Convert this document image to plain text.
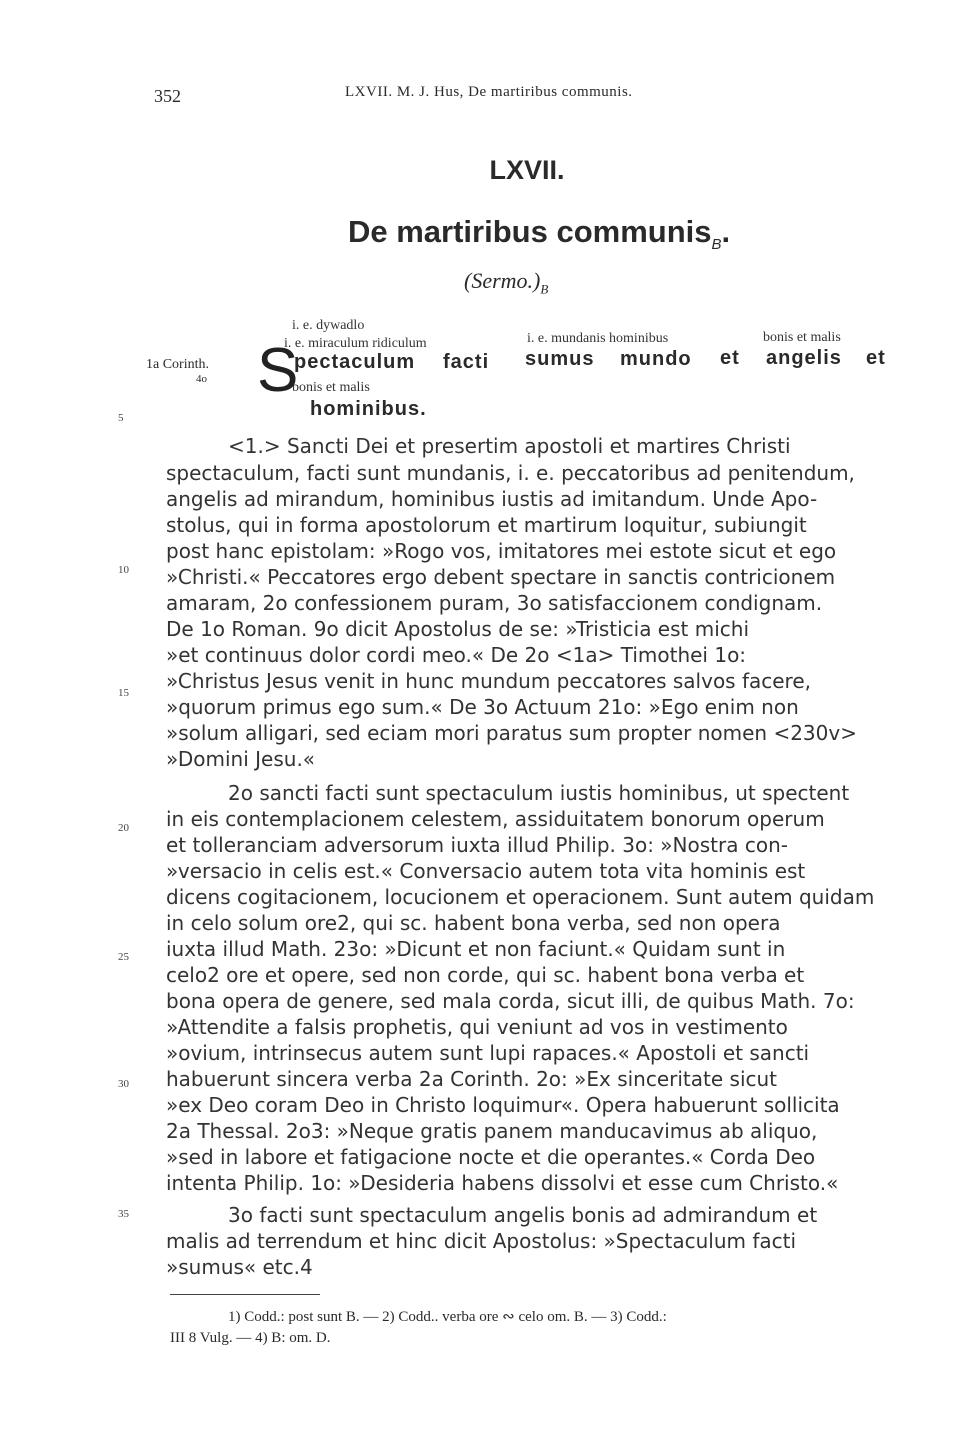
352	LXVII. M. J. Hus, De martiribus communis.
LXVII.
De martiribus communis$_B$.
$(Sermo.)_B$
i. e. dywadlo
i. e. miraculum ridiculum	i. e. mundanis hominibus	bonis et malis
bonis et malis
1a Corinth.
4o S
pectaculum facti sumus mundo et angelis et
hominibus.
5
10
15
20
25
30
35
<1.> Sancti Dei et presertim apostoli et martires Christi
spectaculum, facti sunt mundanis, i. e. peccatoribus ad penitendum,
angelis ad mirandum, hominibus iustis ad imitandum. Unde Apo-
stolus, qui in forma apostolorum et martirum loquitur, subiungit
post hanc epistolam: »Rogo vos, imitatores mei estote sicut et ego
»Christi.« Peccatores ergo debent spectare in sanctis contricionem
amaram, 2o confessionem puram, 3o satisfaccionem condignam.
De 1o Roman. 9o dicit Apostolus de se: »Tristicia est michi
»et continuus dolor cordi meo.« De 2o <1a> Timothei 1o:
»Christus Jesus venit in hunc mundum peccatores salvos facere,
»quorum primus ego sum.« De 3o Actuum 21o: »Ego enim non
»solum alligari, sed eciam mori paratus sum propter nomen <230v>
»Domini Jesu.«
2o sancti facti sunt spectaculum iustis hominibus, ut spectent
in eis contemplacionem celestem, assiduitatem bonorum operum
et tolleranciam adversorum iuxta illud Philip. 3o: »Nostra con-
»versacio in celis est.« Conversacio autem tota vita hominis est
dicens cogitacionem, locucionem et operacionem. Sunt autem quidam
in celo solum ore2, qui sc. habent bona verba, sed non opera
iuxta illud Math. 23o: »Dicunt et non faciunt.« Quidam sunt in
celo2 ore et opere, sed non corde, qui sc. habent bona verba et
bona opera de genere, sed mala corda, sicut illi, de quibus Math. 7o:
»Attendite a falsis prophetis, qui veniunt ad vos in vestimento
»ovium, intrinsecus autem sunt lupi rapaces.« Apostoli et sancti
habuerunt sincera verba 2a Corinth. 2o: »Ex sinceritate sicut
»ex Deo coram Deo in Christo loquimur«. Opera habuerunt sollicita
2a Thessal. 2o3: »Neque gratis panem manducavimus ab aliquo,
»sed in labore et fatigacione nocte et die operantes.« Corda Deo
intenta Philip. 1o: »Desideria habens dissolvi et esse cum Christo.«
3o facti sunt spectaculum angelis bonis ad admirandum et
malis ad terrendum et hinc dicit Apostolus: »Spectaculum facti
»sumus« etc.4
1) Codd.: post sunt B. — 2) Codd.. verba ore ∾ celo om. B. — 3) Codd.:
III 8 Vulg. — 4) B: om. D.
